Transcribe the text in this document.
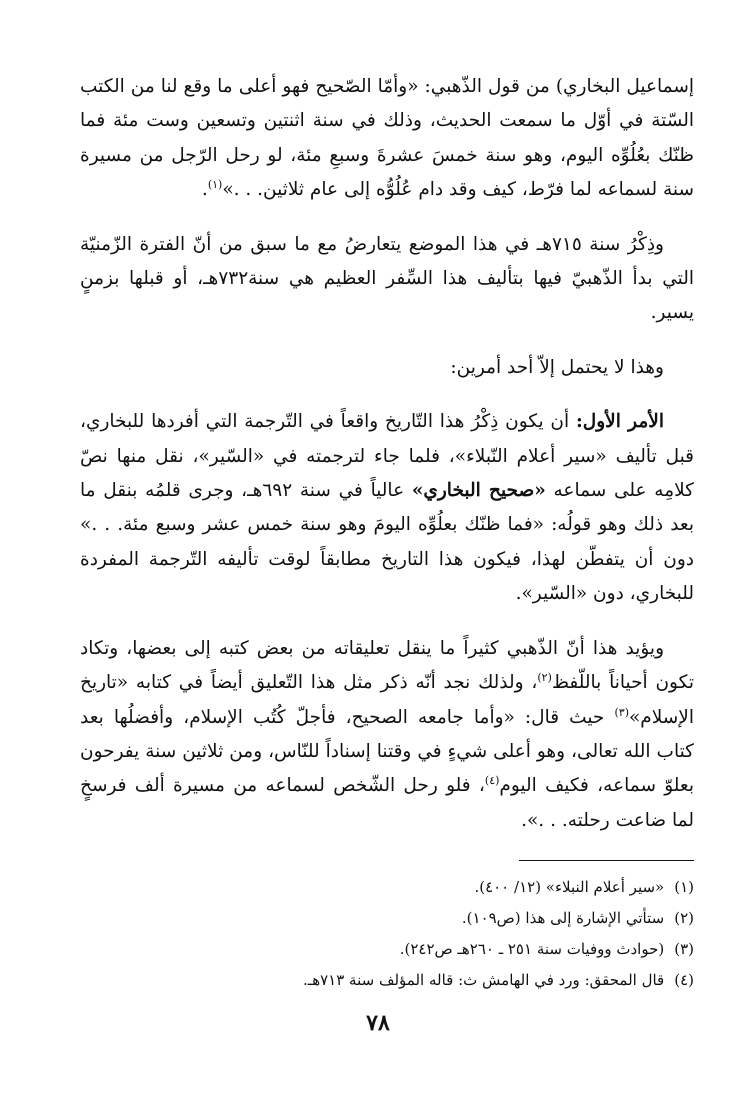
إسماعيل البخاري) من قول الذّهبي: «وأمّا الصّحيح فهو أعلى ما وقع لنا من الكتب السّتة في أوّل ما سمعت الحديث، وذلك في سنة اثنتين وتسعين وست مئة فما ظنّك بعُلُوِّه اليوم، وهو سنة خمسَ عشرةَ وسبعِ مئة، لو رحل الرّجل من مسيرة سنة لسماعه لما فرّط، كيف وقد دام عُلُوُّه إلى عام ثلاثين. . .»$^{(١)}$.

وذِكْرُ سنة ٧١٥هـ في هذا الموضع يتعارضُ مع ما سبق من أنّ الفترة الزّمنيّة التي بدأ الذّهبيّ فيها بتأليف هذا السِّفر العظيم هي سنة٧٣٢هـ، أو قبلها بزمنٍ يسير.

وهذا لا يحتمل إلاّ أحد أمرين:

الأمر الأول: أن يكون ذِكْرُ هذا التّاريخ واقعاً في التّرجمة التي أفردها للبخاري، قبل تأليف «سير أعلام النّبلاء»، فلما جاء لترجمته في «السّير»، نقل منها نصّ كلامِه على سماعه «صحيح البخاري» عالياً في سنة ٦٩٢هـ، وجرى قلمُه بنقل ما بعد ذلك وهو قولُه: «فما ظنّك بعلُوِّه اليومَ وهو سنة خمس عشر وسبع مئة. . .» دون أن يتفطّن لهذا، فيكون هذا التاريخ مطابقاً لوقت تأليفه التّرجمة المفردة للبخاري، دون «السّير».

ويؤيد هذا أنّ الذّهبي كثيراً ما ينقل تعليقاته من بعض كتبه إلى بعضها، وتكاد تكون أحياناً باللّفظ$^{(٢)}$، ولذلك نجد أنّه ذكر مثل هذا التّعليق أيضاً في كتابه «تاريخ الإسلام»$^{(٣)}$ حيث قال: «وأما جامعه الصحيح، فأجلّ كُتُب الإسلام، وأفضلُها بعد كتاب الله تعالى، وهو أعلى شيءٍ في وقتنا إسناداً للنّاس، ومن ثلاثين سنة يفرحون بعلوّ سماعه، فكيف اليوم$^{(٤)}$، فلو رحل الشّخص لسماعه من مسيرة ألف فرسخٍ لما ضاعت رحلته. . .».

(١)«سير أعلام النبلاء» (١٢/ ٤٠٠).
(٢)ستأتي الإشارة إلى هذا (ص١٠٩).
(٣)(حوادث ووفيات سنة ٢٥١ ـ ٢٦٠هـ ص٢٤٢).
(٤)قال المحقق: ورد في الهامش ث: قاله المؤلف سنة ٧١٣هـ.
٧٨
